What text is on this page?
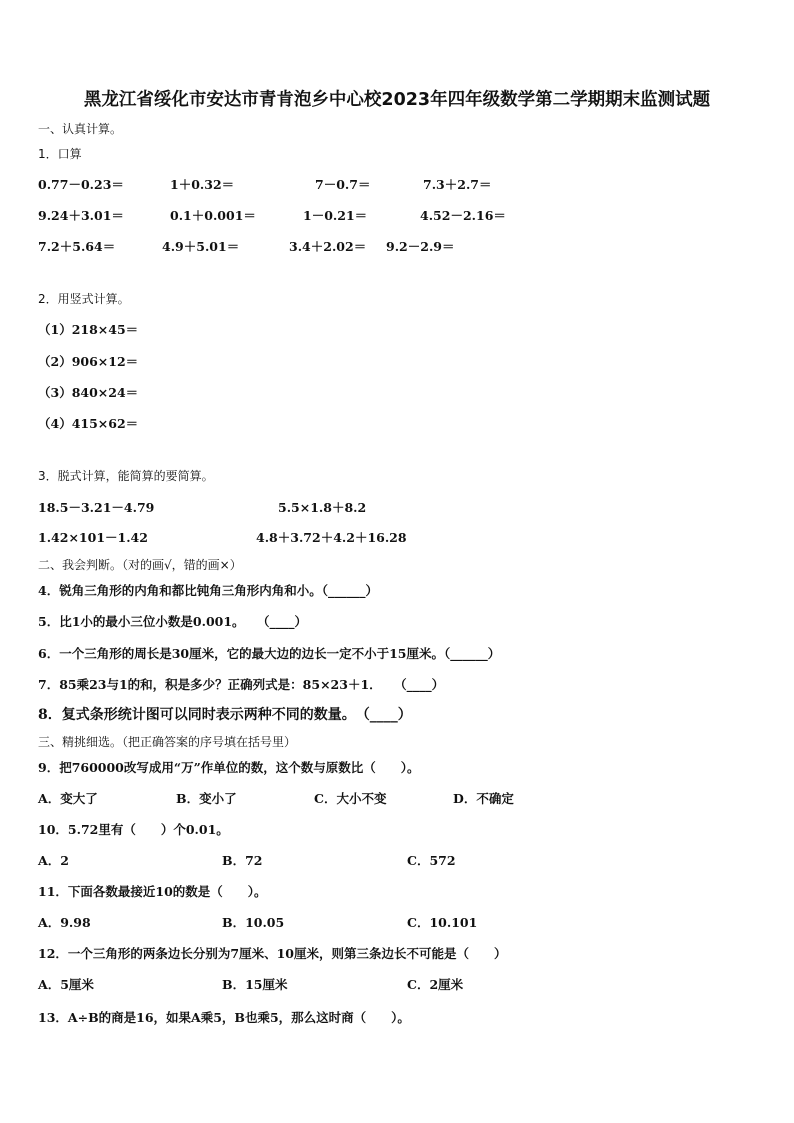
黑龙江省绥化市安达市青肯泡乡中心校2023年四年级数学第二学期期末监测试题
一、认真计算。
1．口算
0.77－0.23＝	1＋0.32＝	7－0.7＝	7.3＋2.7＝
9.24＋3.01＝	0.1＋0.001＝	1－0.21＝	4.52－2.16＝
7.2＋5.64＝	4.9＋5.01＝	3.4＋2.02＝ 9.2－2.9＝
2．用竖式计算。
（1）218×45＝
（2）906×12＝
（3）840×24＝
（4）415×62＝
3．脱式计算，能简算的要简算。
18.5－3.21－4.79	5.5×1.8＋8.2
1.42×101－1.42	4.8＋3.72＋4.2＋16.28
二、我会判断。（对的画√，错的画×）
4．锐角三角形的内角和都比钝角三角形内角和小。（______）
5．比1小的最小三位小数是0.001。　　（____）
6．一个三角形的周长是30厘米，它的最大边的边长一定不小于15厘米。（______）
7．85乘23与1的和，积是多少？正确列式是：85×23＋1．　　（____）
8．复式条形统计图可以同时表示两种不同的数量。　（____）
三、精挑细选。（把正确答案的序号填在括号里）
9．把760000改写成用“万”作单位的数，这个数与原数比（　　）。
A．变大了	B．变小了	C．大小不变	D．不确定
10．5.72里有（　　）个0.01。
A．2	B．72	C．572
11．下面各数最接近10的数是（　　）。
A．9.98	B．10.05	C．10.101
12．一个三角形的两条边长分别为7厘米、10厘米，则第三条边长不可能是（　　）
A．5厘米	B．15厘米	C．2厘米
13．A÷B的商是16，如果A乘5，B也乘5，那么这时商（　　）。
